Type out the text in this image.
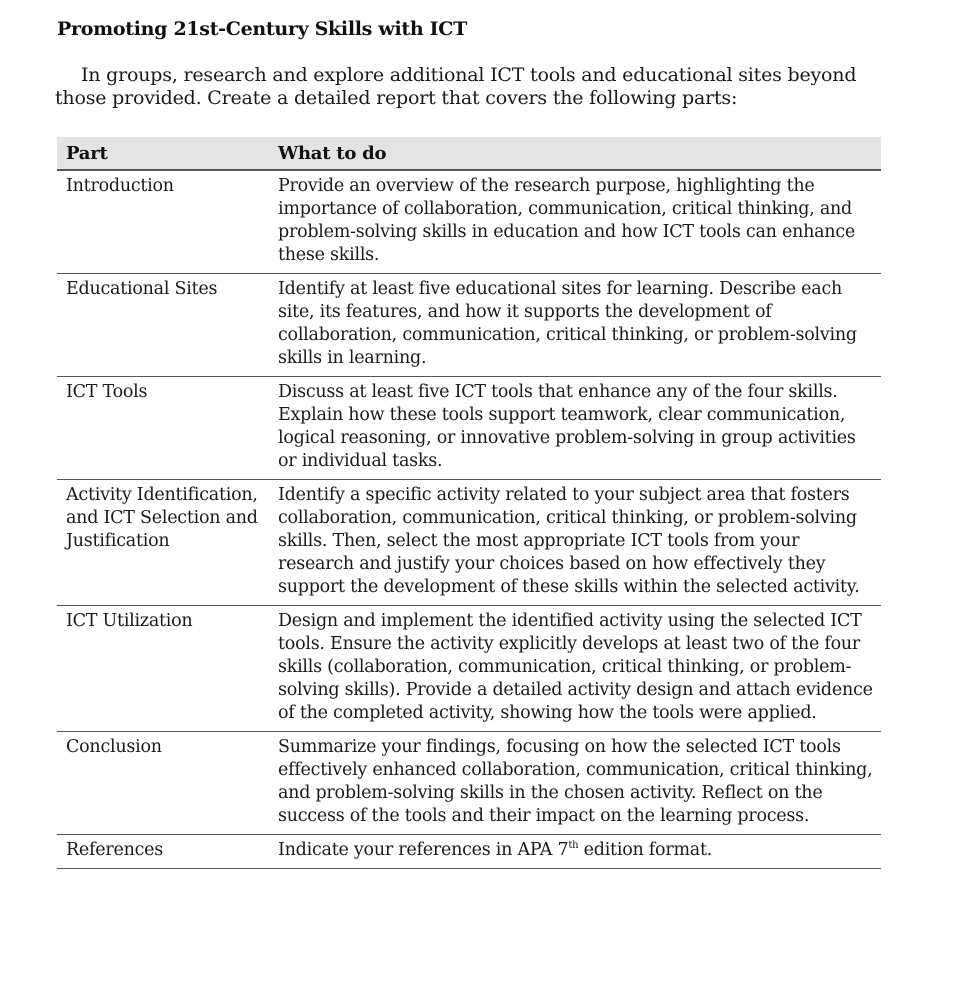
Promoting 21st-Century Skills with ICT
In groups, research and explore additional ICT tools and educational sites beyond those provided. Create a detailed report that covers the following parts:
Part	What to do
Introduction	Provide an overview of the research purpose, highlighting the importance of collaboration, communication, critical thinking, and problem-solving skills in education and how ICT tools can enhance these skills.
Educational Sites	Identify at least five educational sites for learning. Describe each site, its features, and how it supports the development of collaboration, communication, critical thinking, or problem-solving skills in learning.
ICT Tools	Discuss at least five ICT tools that enhance any of the four skills. Explain how these tools support teamwork, clear communication, logical reasoning, or innovative problem-solving in group activities or individual tasks.
Activity Identification, and ICT Selection and Justification	Identify a specific activity related to your subject area that fosters collaboration, communication, critical thinking, or problem-solving skills. Then, select the most appropriate ICT tools from your research and justify your choices based on how effectively they support the development of these skills within the selected activity.
ICT Utilization	Design and implement the identified activity using the selected ICT tools. Ensure the activity explicitly develops at least two of the four skills (collaboration, communication, critical thinking, or problem-solving skills). Provide a detailed activity design and attach evidence of the completed activity, showing how the tools were applied.
Conclusion	Summarize your findings, focusing on how the selected ICT tools effectively enhanced collaboration, communication, critical thinking, and problem-solving skills in the chosen activity. Reflect on the success of the tools and their impact on the learning process.
References	Indicate your references in APA 7th edition format.
